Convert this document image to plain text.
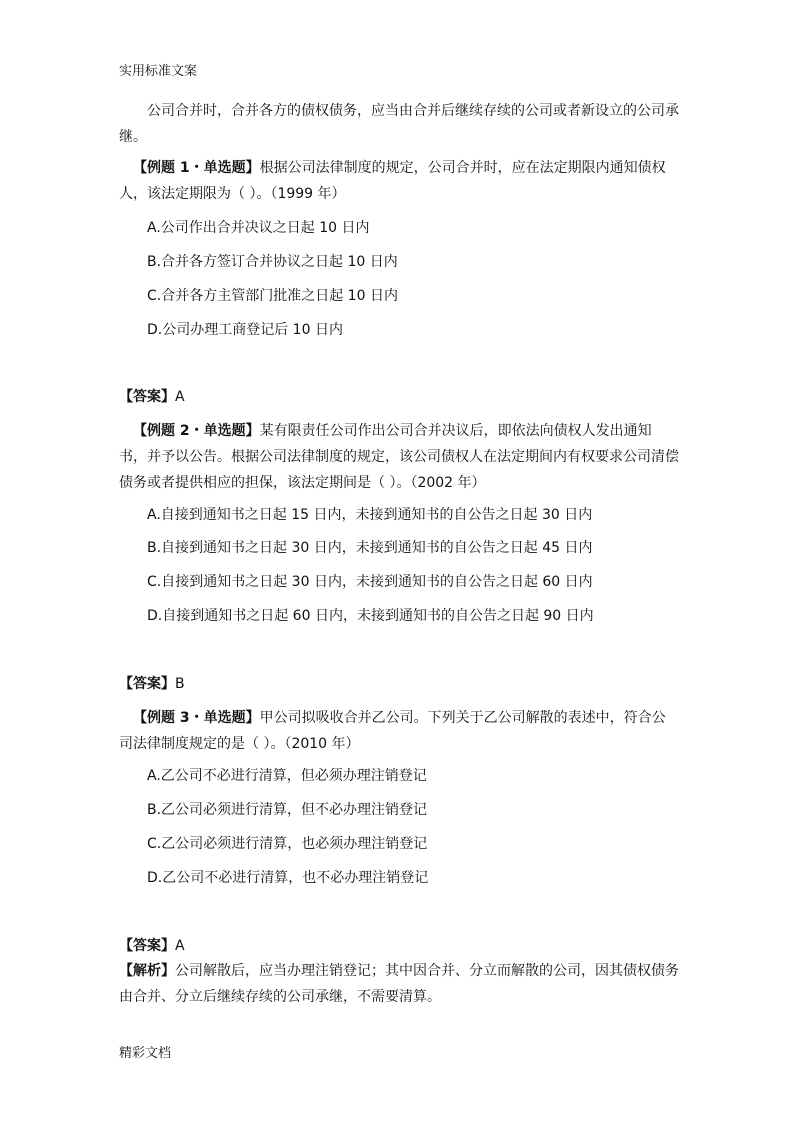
实用标准文案
公司合并时，合并各方的债权债务，应当由合并后继续存续的公司或者新设立的公司承继。
【例题 1・单选题】根据公司法律制度的规定，公司合并时，应在法定期限内通知债权人，该法定期限为（ ）。（1999 年）
A.公司作出合并决议之日起 10 日内
B.合并各方签订合并协议之日起 10 日内
C.合并各方主管部门批准之日起 10 日内
D.公司办理工商登记后 10 日内
【答案】A
【例题 2・单选题】某有限责任公司作出公司合并决议后，即依法向债权人发出通知书，并予以公告。根据公司法律制度的规定，该公司债权人在法定期间内有权要求公司清偿债务或者提供相应的担保，该法定期间是（ ）。（2002 年）
A.自接到通知书之日起 15 日内，未接到通知书的自公告之日起 30 日内
B.自接到通知书之日起 30 日内，未接到通知书的自公告之日起 45 日内
C.自接到通知书之日起 30 日内，未接到通知书的自公告之日起 60 日内
D.自接到通知书之日起 60 日内，未接到通知书的自公告之日起 90 日内
【答案】B
【例题 3・单选题】甲公司拟吸收合并乙公司。下列关于乙公司解散的表述中，符合公司法律制度规定的是（ ）。（2010 年）
A.乙公司不必进行清算，但必须办理注销登记
B.乙公司必须进行清算，但不必办理注销登记
C.乙公司必须进行清算，也必须办理注销登记
D.乙公司不必进行清算，也不必办理注销登记
【答案】A
【解析】公司解散后，应当办理注销登记；其中因合并、分立而解散的公司，因其债权债务由合并、分立后继续存续的公司承继，不需要清算。
精彩文档
